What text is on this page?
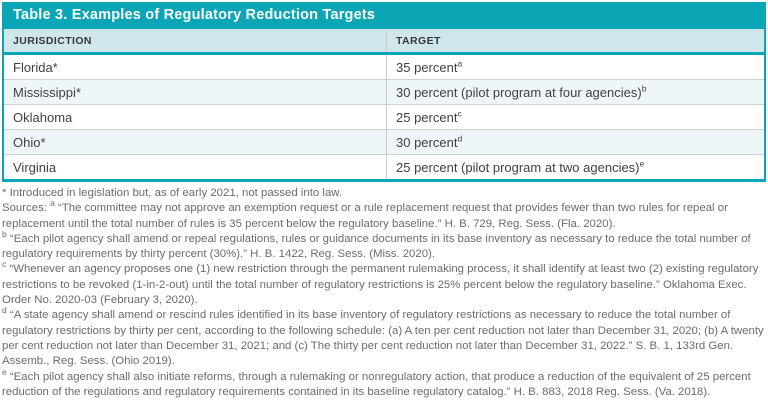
Table 3. Examples of Regulatory Reduction Targets
JURISDICTION	TARGET
Florida*	35 percent$^a$
Mississippi*	30 percent (pilot program at four agencies)$^b$
Oklahoma	25 percent$^c$
Ohio*	30 percent$^d$
Virginia	25 percent (pilot program at two agencies)$^e$

* Introduced in legislation but, as of early 2021, not passed into law.

Sources: $^a$ “The committee may not approve an exemption request or a rule replacement request that provides fewer than two rules for repeal or replacement until the total number of rules is 35 percent below the regulatory baseline.” H. B. 729, Reg. Sess. (Fla. 2020).

$^b$ “Each pilot agency shall amend or repeal regulations, rules or guidance documents in its base inventory as necessary to reduce the total number of regulatory requirements by thirty percent (30%).” H. B. 1422, Reg. Sess. (Miss. 2020).

$^c$ “Whenever an agency proposes one (1) new restriction through the permanent rulemaking process, it shall identify at least two (2) existing regulatory restrictions to be revoked (1-in-2-out) until the total number of regulatory restrictions is 25% percent below the regulatory baseline.” Oklahoma Exec. Order No. 2020-03 (February 3, 2020).

$^d$ “A state agency shall amend or rescind rules identified in its base inventory of regulatory restrictions as necessary to reduce the total number of regulatory restrictions by thirty per cent, according to the following schedule: (a) A ten per cent reduction not later than December 31, 2020; (b) A twenty per cent reduction not later than December 31, 2021; and (c) The thirty per cent reduction not later than December 31, 2022.” S. B. 1, 133rd Gen. Assemb., Reg. Sess. (Ohio 2019).

$^e$ “Each pilot agency shall also initiate reforms, through a rulemaking or nonregulatory action, that produce a reduction of the equivalent of 25 percent reduction of the regulations and regulatory requirements contained in its baseline regulatory catalog.” H. B. 883, 2018 Reg. Sess. (Va. 2018).
